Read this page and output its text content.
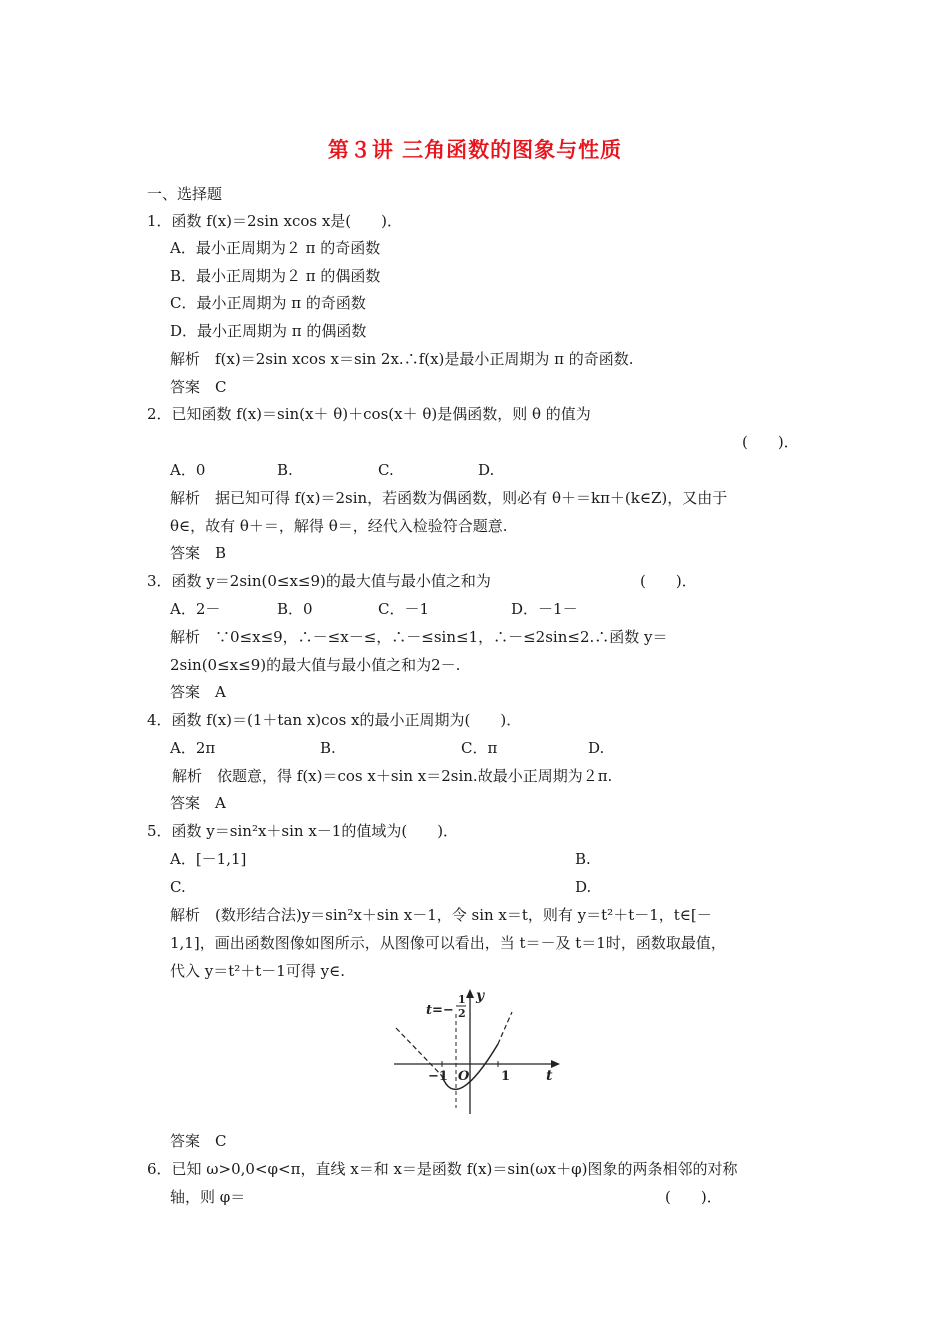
第３讲 三角函数的图象与性质
一、选择题
1．函数 f(x)＝2sin xcos x是(　　)．
A．最小正周期为２ π 的奇函数
B．最小正周期为２ π 的偶函数
C．最小正周期为 π 的奇函数
D．最小正周期为 π 的偶函数
解析　f(x)＝2sin xcos x＝sin 2x.∴f(x)是最小正周期为 π 的奇函数.
答案　C
2．已知函数 f(x)＝sin(x＋ θ)＋cos(x＋ θ)是偶函数，则 θ 的值为
(　　)．
A．0	B.	C.	D.
解析　据已知可得 f(x)＝2sin，若函数为偶函数，则必有 θ＋＝kπ＋(k∈Z)，又由于
θ∈，故有 θ＋＝，解得 θ＝，经代入检验符合题意.
答案　B
3．函数 y＝2sin(0≤x≤9)的最大值与最小值之和为	(　　)．
A．2－	B．0	C．－1	D．－1－
解析　∵0≤x≤9，∴－≤x－≤，∴－≤sin≤1，∴－≤2sin≤2.∴函数 y＝
2sin(0≤x≤9)的最大值与最小值之和为2－.
答案　A
4．函数 f(x)＝(1＋tan x)cos x的最小正周期为(　　)．
A．2π	B.	C．π	D.
解析　依题意，得 f(x)＝cos x＋sin x＝2sin.故最小正周期为２π.
答案　A
5．函数 y＝sin²x＋sin x－1的值域为(　　)．
A．[－1,1]	B.
C.	D.
解析　(数形结合法)y＝sin²x＋sin x－1，令 sin x＝t，则有 y＝t²＋t－1，t∈[－
1,1]，画出函数图像如图所示，从图像可以看出，当 t＝－及 t＝1时，函数取最值，
代入 y＝t²＋t－1可得 y∈.
t=−
1
2
y
t
−1 O 1
答案　C
6．已知 ω>0,0<φ<π，直线 x＝和 x＝是函数 f(x)＝sin(ωx＋φ)图象的两条相邻的对称
轴，则 φ＝	(　　)．
